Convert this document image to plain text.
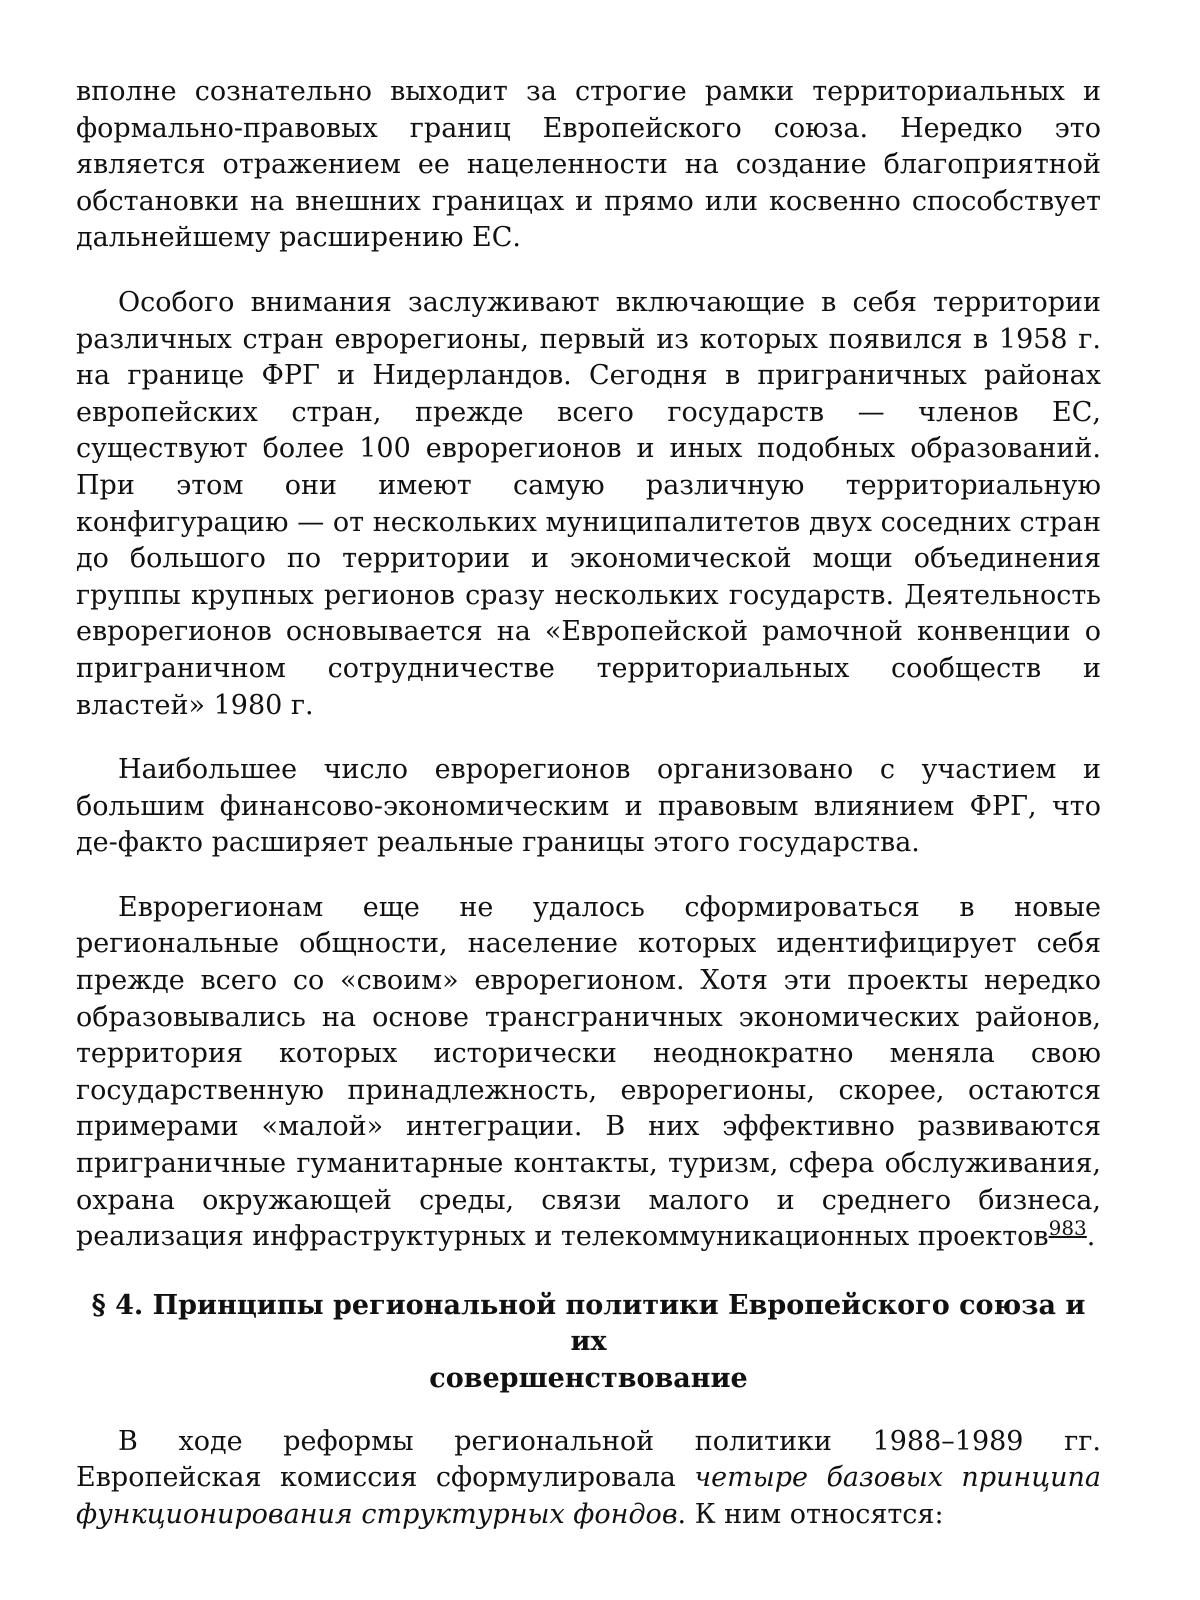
вполне сознательно выходит за строгие рамки территориальных и формально-правовых границ Европейского союза. Нередко это является отражением ее нацеленности на создание благоприятной обстановки на внешних границах и прямо или косвенно способствует дальнейшему расширению ЕС.

Особого внимания заслуживают включающие в себя территории различных стран еврорегионы, первый из которых появился в 1958 г. на границе ФРГ и Нидерландов. Сегодня в приграничных районах европейских стран, прежде всего государств — членов ЕС, существуют более 100 еврорегионов и иных подобных образований. При этом они имеют самую различную территориальную конфигурацию — от нескольких муниципалитетов двух соседних стран до большого по территории и экономической мощи объединения группы крупных регионов сразу нескольких государств. Деятельность еврорегионов основывается на «Европейской рамочной конвенции о приграничном сотрудничестве территориальных сообществ и властей» 1980 г.

Наибольшее число еврорегионов организовано с участием и большим финансово-экономическим и правовым влиянием ФРГ, что де-факто расширяет реальные границы этого государства.

Еврорегионам еще не удалось сформироваться в новые региональные общности, население которых идентифицирует себя прежде всего со «своим» еврорегионом. Хотя эти проекты нередко образовывались на основе трансграничных экономических районов, территория которых исторически неоднократно меняла свою государственную принадлежность, еврорегионы, скорее, остаются примерами «малой» интеграции. В них эффективно развиваются приграничные гуманитарные контакты, туризм, сфера обслуживания, охрана окружающей среды, связи малого и среднего бизнеса, реализация инфраструктурных и телекоммуникационных проектов$^{983}$.

§ 4. Принципы региональной политики Европейского союза и их
совершенствование

В ходе реформы региональной политики 1988–1989 гг. Европейская комиссия сформулировала четыре базовых принципа функционирования структурных фондов. К ним относятся:
